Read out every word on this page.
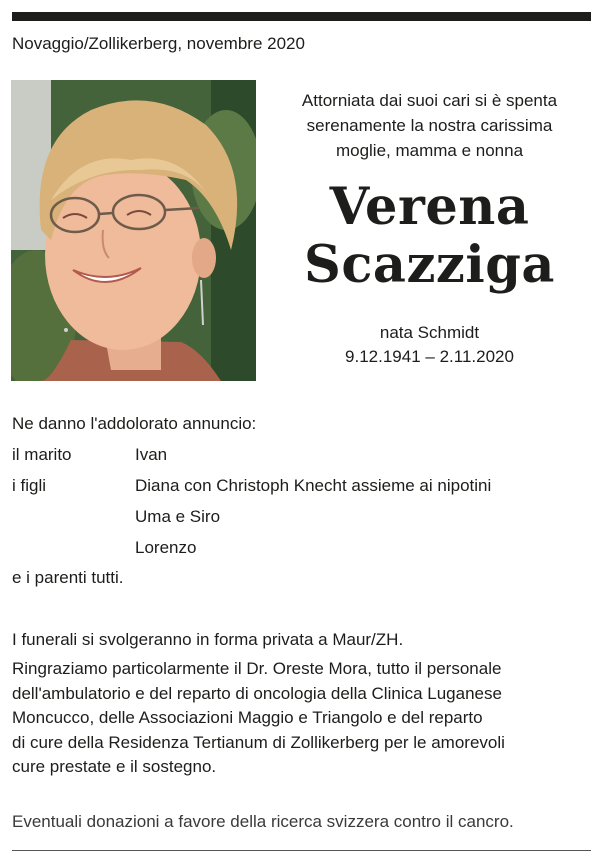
Novaggio/Zollikerberg, novembre 2020
Attorniata dai suoi cari si è spenta
serenamente la nostra carissima
moglie, mamma e nonna
Verena
Scazziga
nata Schmidt
9.12.1941 – 2.11.2020
Ne danno l'addolorato annuncio:
il marito	Ivan
i figli	Diana con Christoph Knecht assieme ai nipotini
Uma e Siro
Lorenzo
e i parenti tutti.
I funerali si svolgeranno in forma privata a Maur/ZH.
Ringraziamo particolarmente il Dr. Oreste Mora, tutto il personale
dell'ambulatorio e del reparto di oncologia della Clinica Luganese
Moncucco, delle Associazioni Maggio e Triangolo e del reparto
di cure della Residenza Tertianum di Zollikerberg per le amorevoli
cure prestate e il sostegno.
Eventuali donazioni a favore della ricerca svizzera contro il cancro.
